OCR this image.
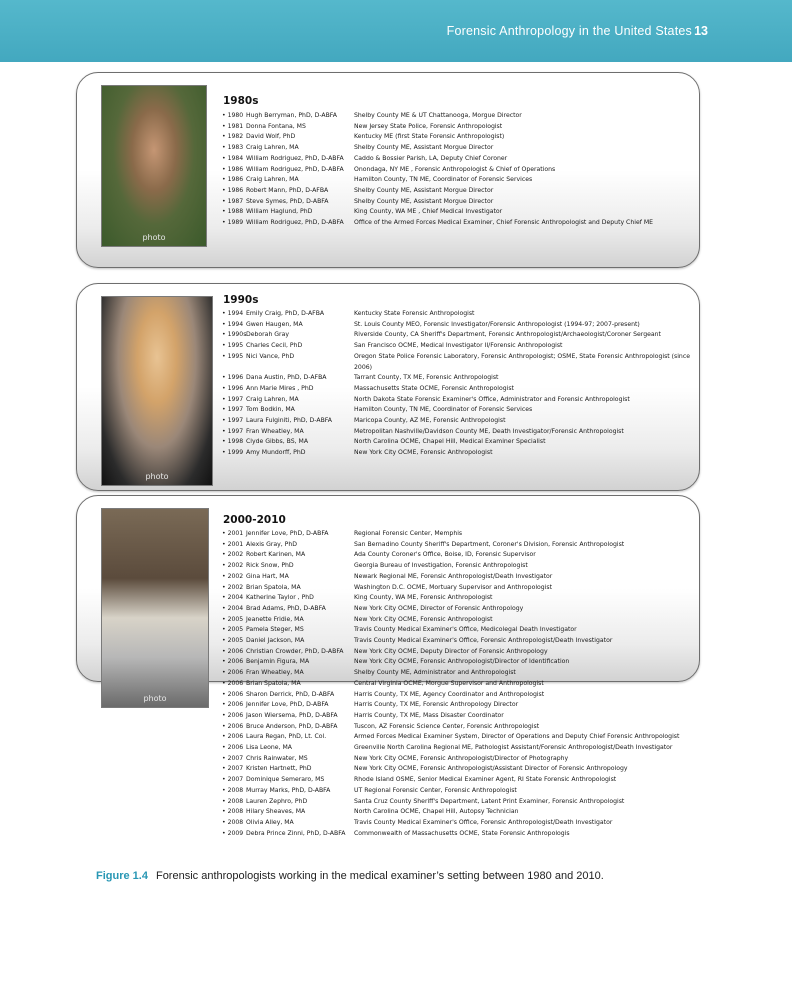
Forensic Anthropology in the United States 13
photo
1980s
• 1980 Hugh Berryman, PhD, D-ABFA	Shelby County ME & UT Chattanooga, Morgue Director
• 1981 Donna Fontana, MS	New Jersey State Police, Forensic Anthropologist
• 1982 David Wolf, PhD	Kentucky ME (first State Forensic Anthropologist)
• 1983 Craig Lahren, MA	Shelby County ME, Assistant Morgue Director
• 1984 William Rodriguez, PhD, D-ABFA	Caddo & Bossier Parish, LA, Deputy Chief Coroner
• 1986 William Rodriguez, PhD, D-ABFA	Onondaga, NY ME , Forensic Anthropologist & Chief of Operations
• 1986 Craig Lahren, MA	Hamilton County, TN ME, Coordinator of Forensic Services
• 1986 Robert Mann, PhD, D-AFBA	Shelby County ME, Assistant Morgue Director
• 1987 Steve Symes, PhD, D-ABFA	Shelby County ME, Assistant Morgue Director
• 1988 William Haglund, PhD	King County, WA ME , Chief Medical Investigator
• 1989 William Rodriguez, PhD, D-ABFA	Office of the Armed Forces Medical Examiner, Chief Forensic Anthropologist and Deputy Chief ME
photo
1990s
• 1994 Emily Craig, PhD, D-AFBA	Kentucky State Forensic Anthropologist
• 1994 Gwen Haugen, MA	St. Louis County MEO, Forensic Investigator/Forensic Anthropologist (1994-97; 2007-present)
• 1990s Deborah Gray	Riverside County, CA Sheriff's Department, Forensic Anthropologist/Archaeologist/Coroner Sergeant
• 1995 Charles Cecil, PhD	San Francisco OCME, Medical Investigator II/Forensic Anthropologist
• 1995 Nici Vance, PhD	Oregon State Police Forensic Laboratory, Forensic Anthropologist; OSME, State Forensic Anthropologist (since 2006)
• 1996 Dana Austin, PhD, D-AFBA	Tarrant County, TX ME, Forensic Anthropologist
• 1996 Ann Marie Mires , PhD	Massachusetts State OCME, Forensic Anthropologist
• 1997 Craig Lahren, MA	North Dakota State Forensic Examiner's Office, Administrator and Forensic Anthropologist
• 1997 Tom Bodkin, MA	Hamilton County, TN ME, Coordinator of Forensic Services
• 1997 Laura Fulginiti, PhD, D-ABFA	Maricopa County, AZ ME, Forensic Anthropologist
• 1997 Fran Wheatley, MA	Metropolitan Nashville/Davidson County ME, Death Investigator/Forensic Anthropologist
• 1998 Clyde Gibbs, BS, MA	North Carolina OCME, Chapel Hill, Medical Examiner Specialist
• 1999 Amy Mundorff, PhD	New York City OCME, Forensic Anthropologist
photo
2000-2010
• 2001 Jennifer Love, PhD, D-ABFA	Regional Forensic Center, Memphis
• 2001 Alexis Gray, PhD	San Bernadino County Sheriff's Department, Coroner's Division, Forensic Anthropologist
• 2002 Robert Karinen, MA	Ada County Coroner's Office, Boise, ID, Forensic Supervisor
• 2002 Rick Snow, PhD	Georgia Bureau of Investigation, Forensic Anthropologist
• 2002 Gina Hart, MA	Newark Regional ME, Forensic Anthropologist/Death Investigator
• 2002 Brian Spatola, MA	Washington D.C. OCME, Mortuary Supervisor and Anthropologist
• 2004 Katherine Taylor , PhD	King County, WA ME, Forensic Anthropologist
• 2004 Brad Adams, PhD, D-ABFA	New York City OCME, Director of Forensic Anthropology
• 2005 Jeanette Fridie, MA	New York City OCME, Forensic Anthropologist
• 2005 Pamela Steger, MS	Travis County Medical Examiner's Office, Medicolegal Death Investigator
• 2005 Daniel Jackson, MA	Travis County Medical Examiner's Office, Forensic Anthropologist/Death Investigator
• 2006 Christian Crowder, PhD, D-ABFA	New York City OCME, Deputy Director of Forensic Anthropology
• 2006 Benjamin Figura, MA	New York City OCME, Forensic Anthropologist/Director of Identification
• 2006 Fran Wheatley, MA	Shelby County ME, Administrator and Anthropologist
• 2006 Brian Spatola, MA	Central Virginia OCME, Morgue Supervisor and Anthropologist
• 2006 Sharon Derrick, PhD, D-ABFA	Harris County, TX ME, Agency Coordinator and Anthropologist
• 2006 Jennifer Love, PhD, D-ABFA	Harris County, TX ME, Forensic Anthropology Director
• 2006 Jason Wiersema, PhD, D-ABFA	Harris County, TX ME, Mass Disaster Coordinator
• 2006 Bruce Anderson, PhD, D-ABFA	Tuscon, AZ Forensic Science Center, Forensic Anthropologist
• 2006 Laura Regan, PhD, Lt. Col.	Armed Forces Medical Examiner System, Director of Operations and Deputy Chief Forensic Anthropologist
• 2006 Lisa Leone, MA	Greenville North Carolina Regional ME, Pathologist Assistant/Forensic Anthropologist/Death Investigator
• 2007 Chris Rainwater, MS	New York City OCME, Forensic Anthropologist/Director of Photography
• 2007 Kristen Hartnett, PhD	New York City OCME, Forensic Anthropologist/Assistant Director of Forensic Anthropology
• 2007 Dominique Semeraro, MS	Rhode Island OSME, Senior Medical Examiner Agent, RI State Forensic Anthropologist
• 2008 Murray Marks, PhD, D-ABFA	UT Regional Forensic Center, Forensic Anthropologist
• 2008 Lauren Zephro, PhD	Santa Cruz County Sheriff's Department, Latent Print Examiner, Forensic Anthropologist
• 2008 Hilary Sheaves, MA	North Carolina OCME, Chapel Hill, Autopsy Technician
• 2008 Olivia Alley, MA	Travis County Medical Examiner's Office, Forensic Anthropologist/Death Investigator
• 2009 Debra Prince Zinni, PhD, D-ABFA	Commonwealth of Massachusetts OCME, State Forensic Anthropologis
Figure 1.4 Forensic anthropologists working in the medical examiner’s setting between 1980 and 2010.
